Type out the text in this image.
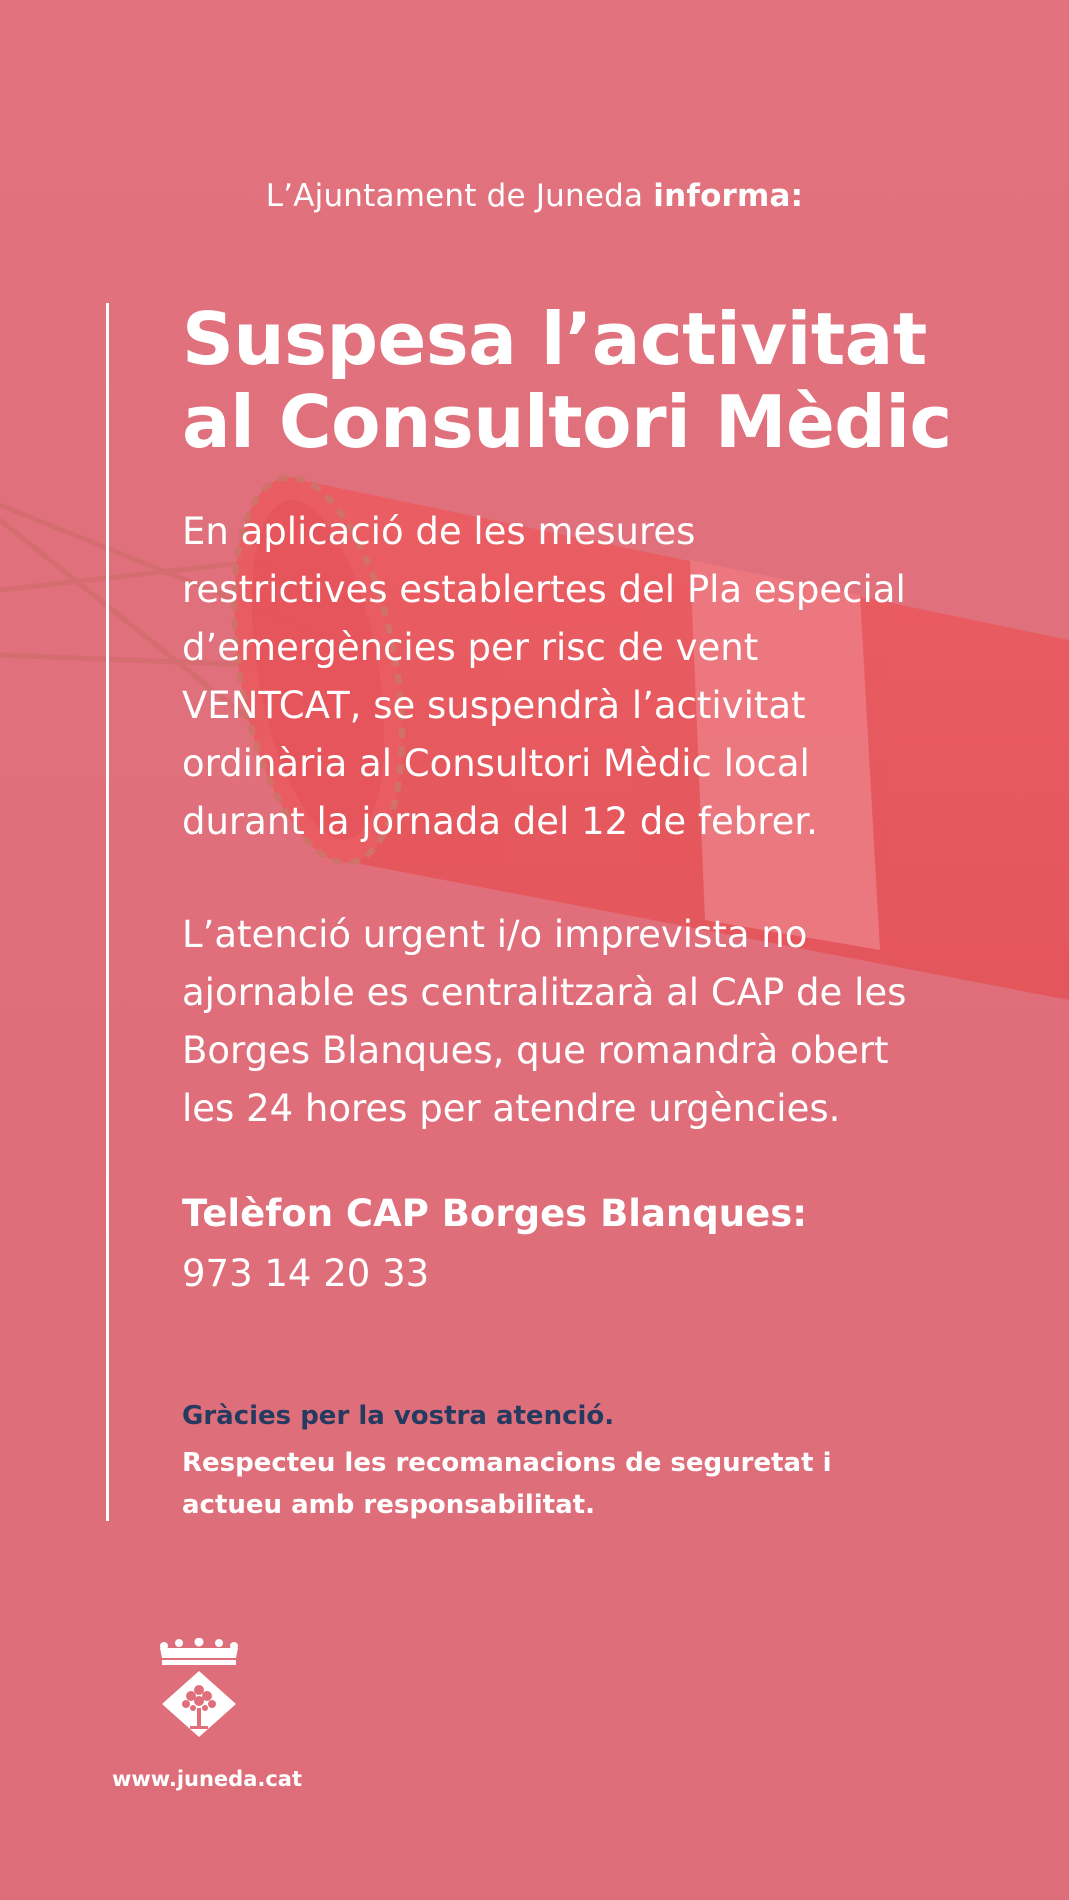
L’Ajuntament de Juneda informa:
Suspesa l’activitat
al Consultori Mèdic
En aplicació de les mesures
restrictives establertes del Pla especial
d’emergències per risc de vent
VENTCAT, se suspendrà l’activitat
ordinària al Consultori Mèdic local
durant la jornada del 12 de febrer.
L’atenció urgent i/o imprevista no
ajornable es centralitzarà al CAP de les
Borges Blanques, que romandrà obert
les 24 hores per atendre urgències.
Telèfon CAP Borges Blanques:
973 14 20 33
Gràcies per la vostra atenció.
Respecteu les recomanacions de seguretat i
actueu amb responsabilitat.
www.juneda.cat
